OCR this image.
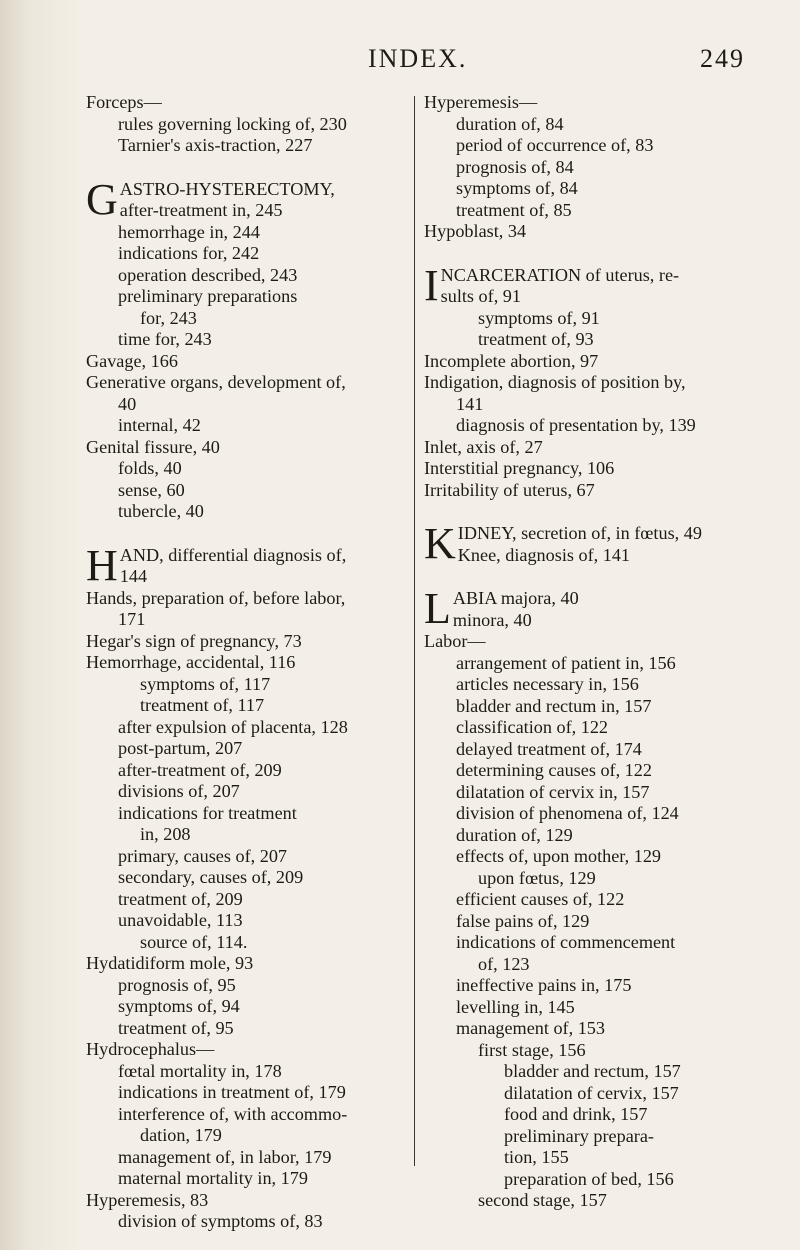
INDEX.	249
Forceps—
rules governing locking of, 230
Tarnier's axis-traction, 227
G ASTRO-HYSTERECTOMY,
after-treatment in, 245
hemorrhage in, 244
indications for, 242
operation described, 243
preliminary preparations
for, 243
time for, 243
Gavage, 166
Generative organs, development of,
40
internal, 42
Genital fissure, 40
folds, 40
sense, 60
tubercle, 40
H AND, differential diagnosis of,
144
Hands, preparation of, before labor,
171
Hegar's sign of pregnancy, 73
Hemorrhage, accidental, 116
symptoms of, 117
treatment of, 117
after expulsion of placenta, 128
post-partum, 207
after-treatment of, 209
divisions of, 207
indications for treatment
in, 208
primary, causes of, 207
secondary, causes of, 209
treatment of, 209
unavoidable, 113
source of, 114.
Hydatidiform mole, 93
prognosis of, 95
symptoms of, 94
treatment of, 95
Hydrocephalus—
fœtal mortality in, 178
indications in treatment of, 179
interference of, with accommo-
dation, 179
management of, in labor, 179
maternal mortality in, 179
Hyperemesis, 83
division of symptoms of, 83
Hyperemesis—
duration of, 84
period of occurrence of, 83
prognosis of, 84
symptoms of, 84
treatment of, 85
Hypoblast, 34
I NCARCERATION of uterus, re-
sults of, 91
symptoms of, 91
treatment of, 93
Incomplete abortion, 97
Indigation, diagnosis of position by,
141
diagnosis of presentation by, 139
Inlet, axis of, 27
Interstitial pregnancy, 106
Irritability of uterus, 67
K IDNEY, secretion of, in fœtus, 49
Knee, diagnosis of, 141
L ABIA majora, 40
minora, 40
Labor—
arrangement of patient in, 156
articles necessary in, 156
bladder and rectum in, 157
classification of, 122
delayed treatment of, 174
determining causes of, 122
dilatation of cervix in, 157
division of phenomena of, 124
duration of, 129
effects of, upon mother, 129
upon fœtus, 129
efficient causes of, 122
false pains of, 129
indications of commencement
of, 123
ineffective pains in, 175
levelling in, 145
management of, 153
first stage, 156
bladder and rectum, 157
dilatation of cervix, 157
food and drink, 157
preliminary prepara-
tion, 155
preparation of bed, 156
second stage, 157
